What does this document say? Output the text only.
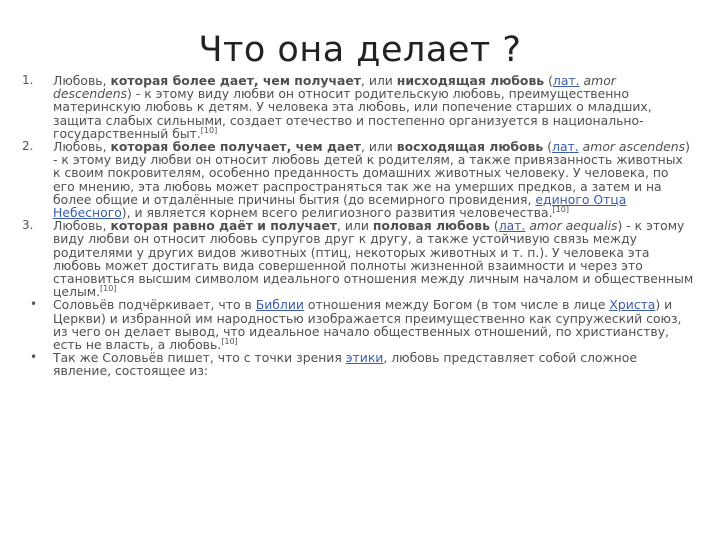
Что она делает ?
1.	Любовь, которая более дает, чем получает, или нисходящая любовь (лат. amor descendens) - к этому виду любви он относит родительскую любовь, преимущественно материнскую любовь к детям. У человека эта любовь, или попечение старших о младших, защита слабых сильными, создает отечество и постепенно организуется в национально-государственный быт.[10]
2.	Любовь, которая более получает, чем дает, или восходящая любовь (лат. amor ascendens) - к этому виду любви он относит любовь детей к родителям, а также привязанность животных к своим покровителям, особенно преданность домашних животных человеку. У человека, по его мнению, эта любовь может распространяться так же на умерших предков, а затем и на более общие и отдалённые причины бытия (до всемирного провидения, единого Отца Небесного), и является корнем всего религиозного развития человечества.[10]
3.	Любовь, которая равно даёт и получает, или половая любовь (лат. amor aequalis) - к этому виду любви он относит любовь супругов друг к другу, а также устойчивую связь между родителями у других видов животных (птиц, некоторых животных и т. п.). У человека эта любовь может достигать вида совершенной полноты жизненной взаимности и через это становиться высшим символом идеального отношения между личным началом и общественным целым.[10]
•	Соловьёв подчёркивает, что в Библии отношения между Богом (в том числе в лице Христа) и Церкви) и избранной им народностью изображается преимущественно как супружеский союз, из чего он делает вывод, что идеальное начало общественных отношений, по христианству, есть не власть, а любовь.[10]
•	Так же Соловьёв пишет, что с точки зрения этики, любовь представляет собой сложное явление, состоящее из:
